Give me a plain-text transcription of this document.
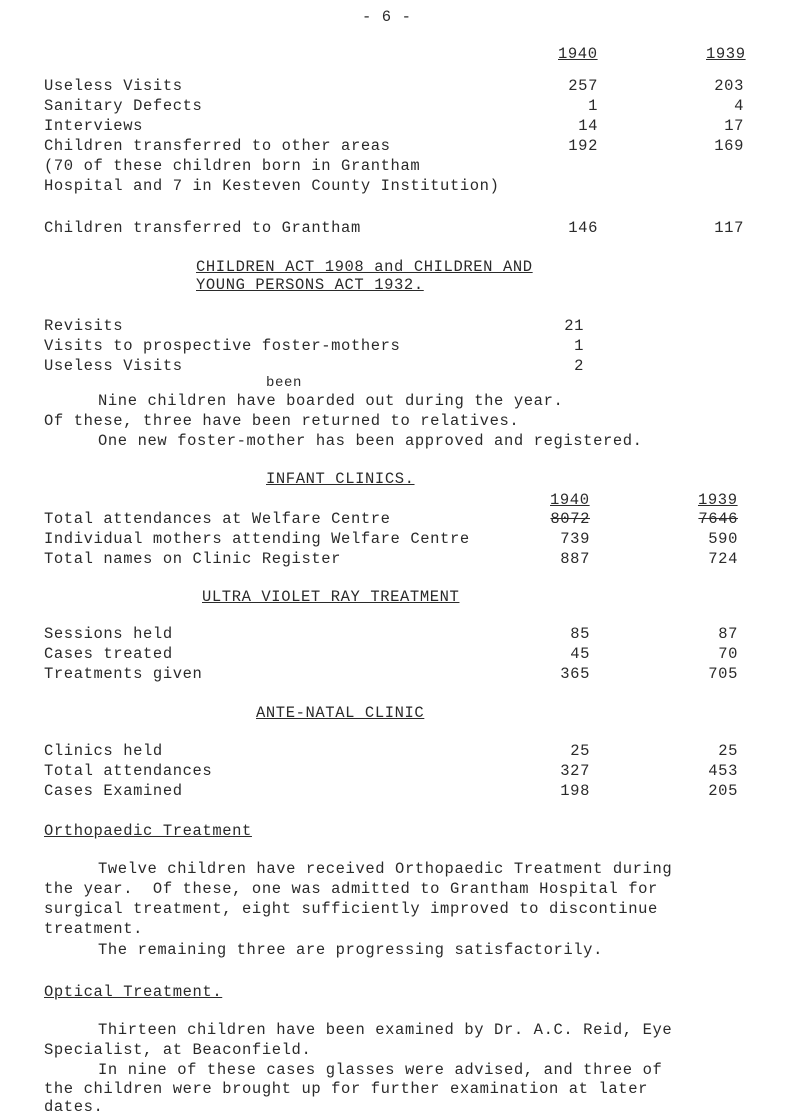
- 6 -
1940	1939
Useless Visits	257	203
Sanitary Defects	1	4
Interviews	14	17
Children transferred to other areas	192	169
(70 of these children born in Grantham
Hospital and 7 in Kesteven County Institution)
Children transferred to Grantham	146	117
CHILDREN ACT 1908 and CHILDREN AND
YOUNG PERSONS ACT 1932.
Revisits	21
Visits to prospective foster-mothers	1
Useless Visits	2
been
Nine children have boarded out during the year.
Of these, three have been returned to relatives.
One new foster-mother has been approved and registered.
INFANT CLINICS.
1940	1939
Total attendances at Welfare Centre	8072	7646
Individual mothers attending Welfare Centre	739	590
Total names on Clinic Register	887	724
ULTRA VIOLET RAY TREATMENT
Sessions held	85	87
Cases treated	45	70
Treatments given	365	705
ANTE-NATAL CLINIC
Clinics held	25	25
Total attendances	327	453
Cases Examined	198	205
Orthopaedic Treatment
Twelve children have received Orthopaedic Treatment during
the year.  Of these, one was admitted to Grantham Hospital for
surgical treatment, eight sufficiently improved to discontinue
treatment.
The remaining three are progressing satisfactorily.
Optical Treatment.
Thirteen children have been examined by Dr. A.C. Reid, Eye
Specialist, at Beaconfield.
In nine of these cases glasses were advised, and three of
the children were brought up for further examination at later
dates.
